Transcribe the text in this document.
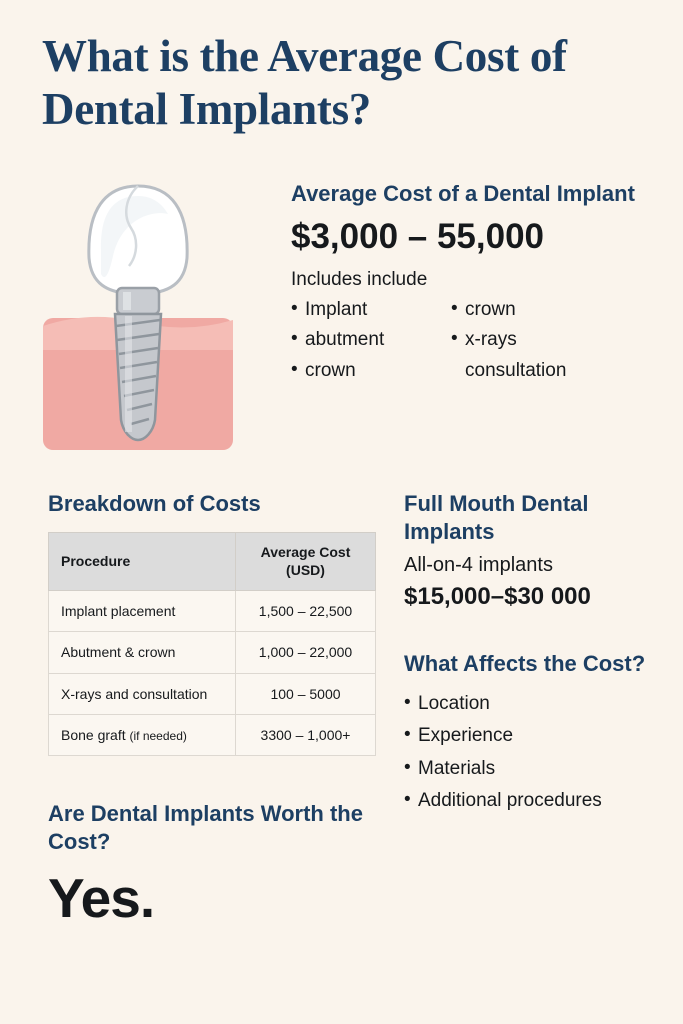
What is the Average Cost of Dental Implants?
Average Cost of a Dental Implant
$3,000 – 55,000
Includes include
• Implant
• abutment
• crown
• crown
• x-rays
consultation
Breakdown of Costs
Procedure	Average Cost
(USD)
Implant placement	1,500 – 22,500
Abutment & crown	1,000 – 22,000
X-rays and consultation	100 – 5000
Bone graft (if needed)	3300 – 1,000+
Full Mouth Dental Implants
All-on-4 implants
$15,000–$30 000
What Affects the Cost?
• Location
• Experience
• Materials
• Additional procedures
Are Dental Implants Worth the Cost?
Yes.
